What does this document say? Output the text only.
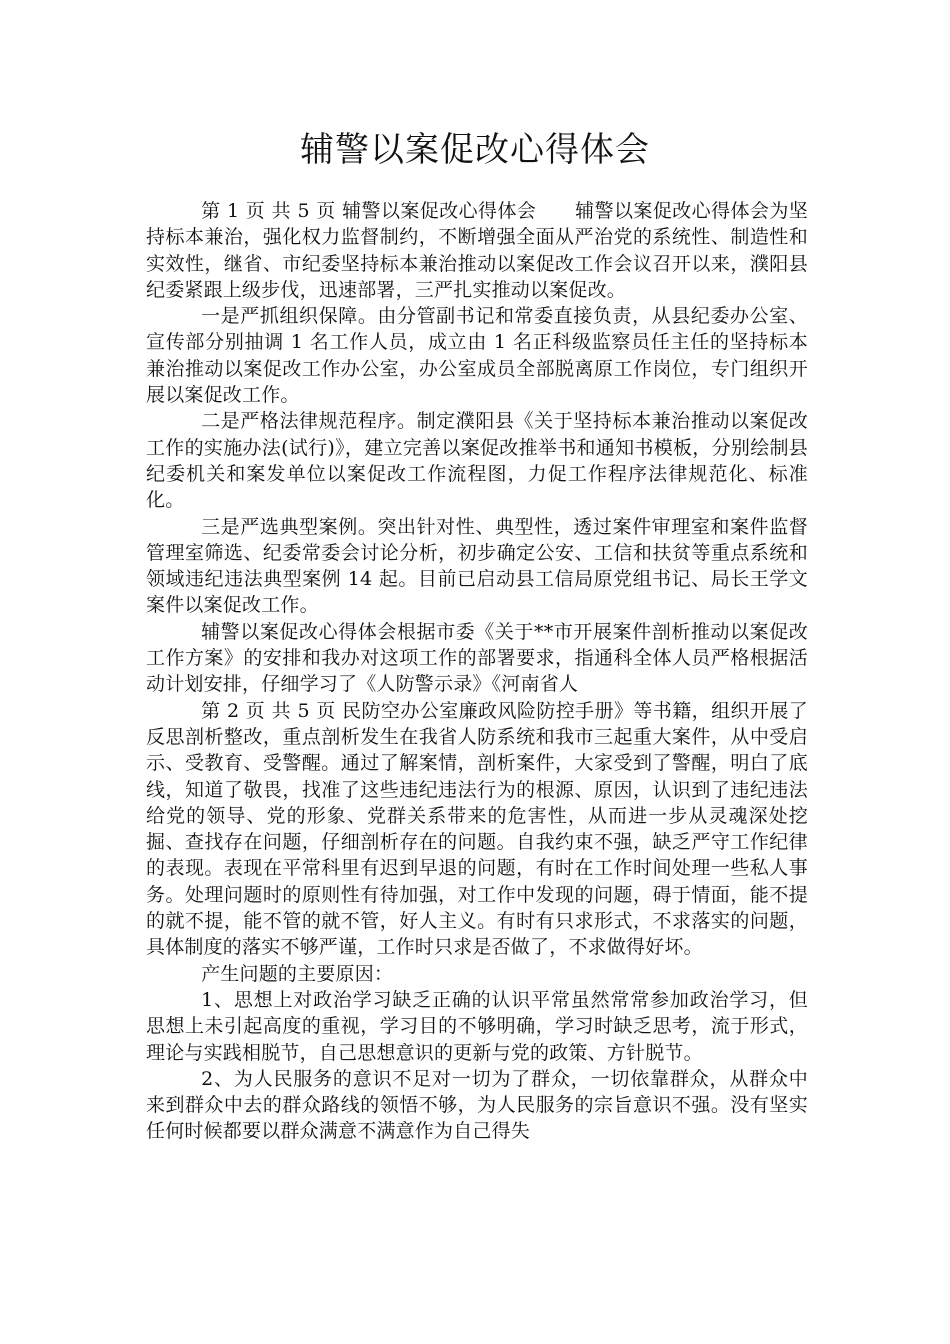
辅警以案促改心得体会

第 1 页 共 5 页 辅警以案促改心得体会　　辅警以案促改心得体会为坚持标本兼治，强化权力监督制约，不断增强全面从严治党的系统性、制造性和实效性，继省、市纪委坚持标本兼治推动以案促改工作会议召开以来，濮阳县纪委紧跟上级步伐，迅速部署，三严扎实推动以案促改。

一是严抓组织保障。由分管副书记和常委直接负责，从县纪委办公室、宣传部分别抽调 1 名工作人员，成立由 1 名正科级监察员任主任的坚持标本兼治推动以案促改工作办公室，办公室成员全部脱离原工作岗位，专门组织开展以案促改工作。

二是严格法律规范程序。制定濮阳县《关于坚持标本兼治推动以案促改工作的实施办法(试行)》，建立完善以案促改推举书和通知书模板，分别绘制县纪委机关和案发单位以案促改工作流程图，力促工作程序法律规范化、标准化。

三是严选典型案例。突出针对性、典型性，透过案件审理室和案件监督管理室筛选、纪委常委会讨论分析，初步确定公安、工信和扶贫等重点系统和领域违纪违法典型案例 14 起。目前已启动县工信局原党组书记、局长王学文案件以案促改工作。

辅警以案促改心得体会根据市委《关于**市开展案件剖析推动以案促改工作方案》的安排和我办对这项工作的部署要求，指通科全体人员严格根据活动计划安排，仔细学习了《人防警示录》《河南省人

第 2 页 共 5 页 民防空办公室廉政风险防控手册》等书籍，组织开展了反思剖析整改，重点剖析发生在我省人防系统和我市三起重大案件，从中受启示、受教育、受警醒。通过了解案情，剖析案件，大家受到了警醒，明白了底线，知道了敬畏，找准了这些违纪违法行为的根源、原因，认识到了违纪违法给党的领导、党的形象、党群关系带来的危害性，从而进一步从灵魂深处挖掘、查找存在问题，仔细剖析存在的问题。自我约束不强，缺乏严守工作纪律的表现。表现在平常科里有迟到早退的问题，有时在工作时间处理一些私人事务。处理问题时的原则性有待加强，对工作中发现的问题，碍于情面，能不提的就不提，能不管的就不管，好人主义。有时有只求形式，不求落实的问题，具体制度的落实不够严谨，工作时只求是否做了，不求做得好坏。

产生问题的主要原因：

1、思想上对政治学习缺乏正确的认识平常虽然常常参加政治学习，但思想上未引起高度的重视，学习目的不够明确，学习时缺乏思考，流于形式，理论与实践相脱节，自己思想意识的更新与党的政策、方针脱节。

2、为人民服务的意识不足对一切为了群众，一切依靠群众，从群众中来到群众中去的群众路线的领悟不够，为人民服务的宗旨意识不强。没有坚实任何时候都要以群众满意不满意作为自己得失
